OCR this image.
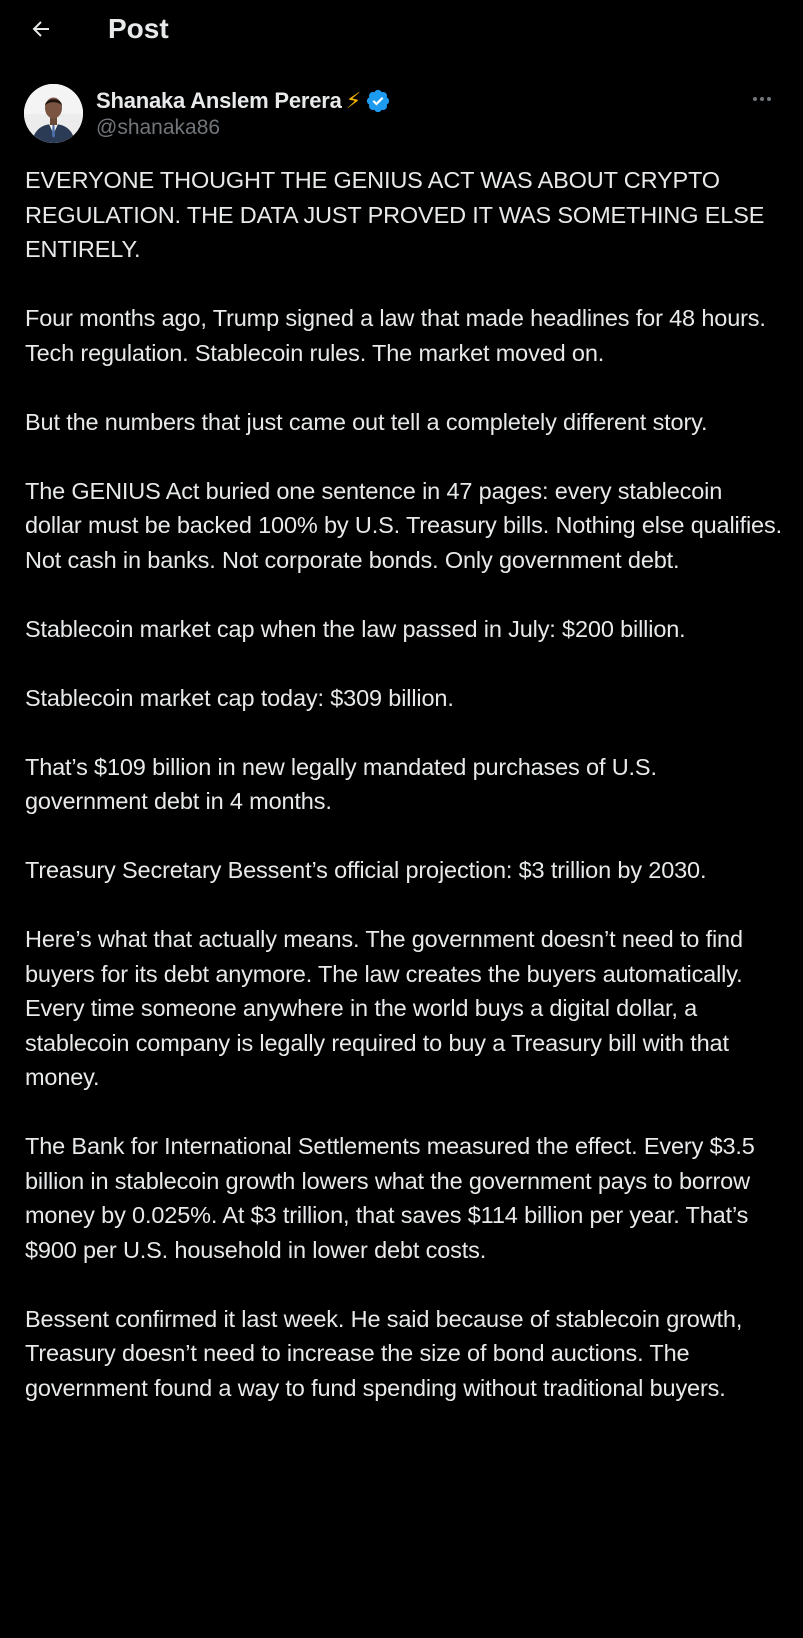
Post
Shanaka Anslem Perera ⚡
@shanaka86

EVERYONE THOUGHT THE GENIUS ACT WAS ABOUT CRYPTO REGULATION. THE DATA JUST PROVED IT WAS SOMETHING ELSE ENTIRELY.

Four months ago, Trump signed a law that made headlines for 48 hours. Tech regulation. Stablecoin rules. The market moved on.

But the numbers that just came out tell a completely different story.

The GENIUS Act buried one sentence in 47 pages: every stablecoin dollar must be backed 100% by U.S. Treasury bills. Nothing else qualifies. Not cash in banks. Not corporate bonds. Only government debt.

Stablecoin market cap when the law passed in July: $200 billion.

Stablecoin market cap today: $309 billion.

That’s $109 billion in new legally mandated purchases of U.S. government debt in 4 months.

Treasury Secretary Bessent’s official projection: $3 trillion by 2030.

Here’s what that actually means. The government doesn’t need to find buyers for its debt anymore. The law creates the buyers automatically. Every time someone anywhere in the world buys a digital dollar, a stablecoin company is legally required to buy a Treasury bill with that money.

The Bank for International Settlements measured the effect. Every $3.5 billion in stablecoin growth lowers what the government pays to borrow money by 0.025%. At $3 trillion, that saves $114 billion per year. That’s $900 per U.S. household in lower debt costs.

Bessent confirmed it last week. He said because of stablecoin growth, Treasury doesn’t need to increase the size of bond auctions. The government found a way to fund spending without traditional buyers.
